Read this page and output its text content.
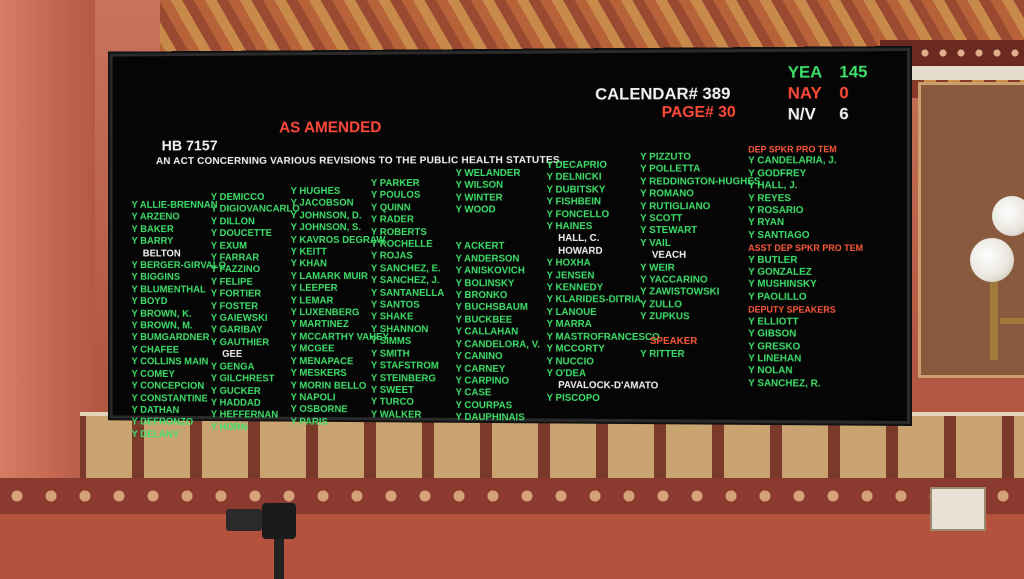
CALENDAR# 389
PAGE# 30
YEA 145
NAY 0
N/V 6
HB 7157
AS AMENDED
AN ACT CONCERNING VARIOUS REVISIONS TO THE PUBLIC HEALTH STATUTES.
Y ALLIE-BRENNAN
Y ARZENO
Y BAKER
Y BARRY
BELTON
Y BERGER-GIRVALO
Y BIGGINS
Y BLUMENTHAL
Y BOYD
Y BROWN, K.
Y BROWN, M.
Y BUMGARDNER
Y CHAFEE
Y COLLINS MAIN
Y COMEY
Y CONCEPCION
Y CONSTANTINE
Y DATHAN
Y DEFRONZO
Y DELANY
Y DEMICCO
Y DIGIOVANCARLO
Y DILLON
Y DOUCETTE
Y EXUM
Y FARRAR
Y FAZZINO
Y FELIPE
Y FORTIER
Y FOSTER
Y GAIEWSKI
Y GARIBAY
Y GAUTHIER
GEE
Y GENGA
Y GILCHREST
Y GUCKER
Y HADDAD
Y HEFFERNAN
Y HORN
Y HUGHES
Y JACOBSON
Y JOHNSON, D.
Y JOHNSON, S.
Y KAVROS DEGRAW
Y KEITT
Y KHAN
Y LAMARK MUIR
Y LEEPER
Y LEMAR
Y LUXENBERG
Y MARTINEZ
Y MCCARTHY VAHEY
Y MCGEE
Y MENAPACE
Y MESKERS
Y MORIN BELLO
Y NAPOLI
Y OSBORNE
Y PARIS
Y PARKER
Y POULOS
Y QUINN
Y RADER
Y ROBERTS
Y ROCHELLE
Y ROJAS
Y SANCHEZ, E.
Y SANCHEZ, J.
Y SANTANELLA
Y SANTOS
Y SHAKE
Y SHANNON
Y SIMMS
Y SMITH
Y STAFSTROM
Y STEINBERG
Y SWEET
Y TURCO
Y WALKER
Y WELANDER
Y WILSON
Y WINTER
Y WOOD

Y ACKERT
Y ANDERSON
Y ANISKOVICH
Y BOLINSKY
Y BRONKO
Y BUCHSBAUM
Y BUCKBEE
Y CALLAHAN
Y CANDELORA, V.
Y CANINO
Y CARNEY
Y CARPINO
Y CASE
Y COURPAS
Y DAUPHINAIS
Y DECAPRIO
Y DELNICKI
Y DUBITSKY
Y FISHBEIN
Y FONCELLO
Y HAINES
HALL, C.
HOWARD
Y HOXHA
Y JENSEN
Y KENNEDY
Y KLARIDES-DITRIA
Y LANOUE
Y MARRA
Y MASTROFRANCESCO
Y MCCORTY
Y NUCCIO
Y O'DEA
PAVALOCK-D'AMATO
Y PISCOPO
Y PIZZUTO
Y POLLETTA
Y REDDINGTON-HUGHES
Y ROMANO
Y RUTIGLIANO
Y SCOTT
Y STEWART
Y VAIL
VEACH
Y WEIR
Y YACCARINO
Y ZAWISTOWSKI
Y ZULLO
Y ZUPKUS

SPEAKER
Y RITTER
DEP SPKR PRO TEM
Y CANDELARIA, J.
Y GODFREY
Y HALL, J.
Y REYES
Y ROSARIO
Y RYAN
Y SANTIAGO
ASST DEP SPKR PRO TEM
Y BUTLER
Y GONZALEZ
Y MUSHINSKY
Y PAOLILLO
DEPUTY SPEAKERS
Y ELLIOTT
Y GIBSON
Y GRESKO
Y LINEHAN
Y NOLAN
Y SANCHEZ, R.
